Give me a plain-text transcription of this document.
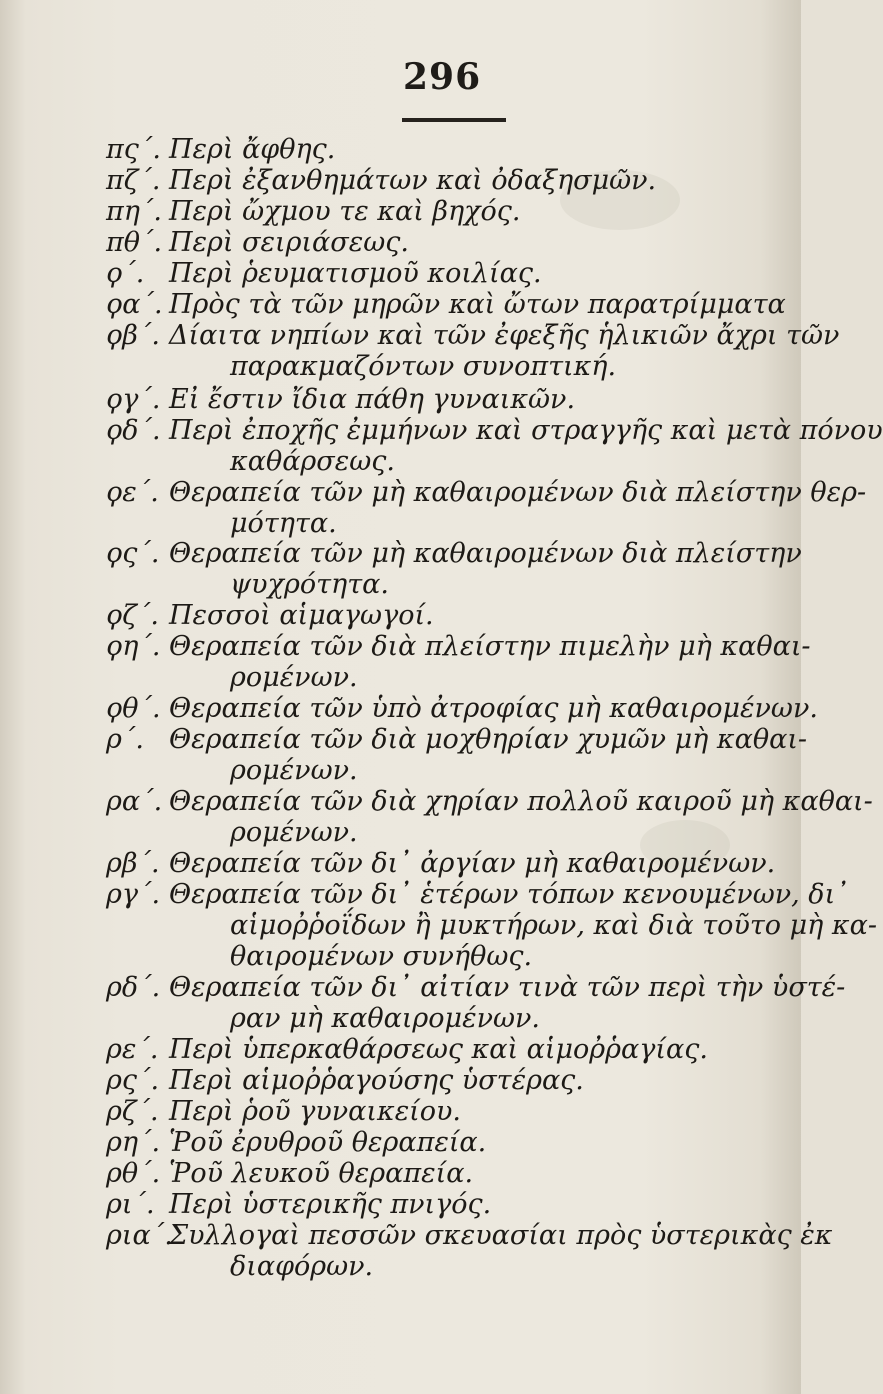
296
πς΄. Περὶ ἄφθης.
πζ΄. Περὶ ἐξανθημάτων καὶ ὀδαξησμῶν.
πη΄. Περὶ ὤχμου τε καὶ βηχός.
πθ΄. Περὶ σειριάσεως.
ϙ΄. Περὶ ῥευματισμοῦ κοιλίας.
ϙα΄. Πρὸς τὰ τῶν μηρῶν καὶ ὤτων παρατρίμματα
ϙβ΄. Δίαιτα νηπίων καὶ τῶν ἐφεξῆς ἡλικιῶν ἄχρι τῶν
παρακμαζόντων συνοπτική.
ϙγ΄. Εἰ ἔστιν ἴδια πάθη γυναικῶν.
ϙδ΄. Περὶ ἐποχῆς ἐμμήνων καὶ στραγγῆς καὶ μετὰ πόνου
καθάρσεως.
ϙε΄. Θεραπεία τῶν μὴ καθαιρομένων διὰ πλείστην θερ-
μότητα.
ϙς΄. Θεραπεία τῶν μὴ καθαιρομένων διὰ πλείστην
ψυχρότητα.
ϙζ΄. Πεσσοὶ αἱμαγωγοί.
ϙη΄. Θεραπεία τῶν διὰ πλείστην πιμελὴν μὴ καθαι-
ρομένων.
ϙθ΄. Θεραπεία τῶν ὑπὸ ἀτροφίας μὴ καθαιρομένων.
ρ΄. Θεραπεία τῶν διὰ μοχθηρίαν χυμῶν μὴ καθαι-
ρομένων.
ρα΄. Θεραπεία τῶν διὰ χηρίαν πολλοῦ καιροῦ μὴ καθαι-
ρομένων.
ρβ΄. Θεραπεία τῶν δι᾽ ἀργίαν μὴ καθαιρομένων.
ργ΄. Θεραπεία τῶν δι᾽ ἑτέρων τόπων κενουμένων, δι᾽
αἱμοῤῥοΐδων ἢ μυκτήρων, καὶ διὰ τοῦτο μὴ κα-
θαιρομένων συνήθως.
ρδ΄. Θεραπεία τῶν δι᾽ αἰτίαν τινὰ τῶν περὶ τὴν ὑστέ-
ραν μὴ καθαιρομένων.
ρε΄. Περὶ ὑπερκαθάρσεως καὶ αἱμοῤῥαγίας.
ρς΄. Περὶ αἱμοῤῥαγούσης ὑστέρας.
ρζ΄. Περὶ ῥοῦ γυναικείου.
ρη΄. Ῥοῦ ἐρυθροῦ θεραπεία.
ρθ΄. Ῥοῦ λευκοῦ θεραπεία.
ρι΄. Περὶ ὑστερικῆς πνιγός.
ρια΄.
Συλλογαὶ πεσσῶν σκευασίαι πρὸς ὑστερικὰς ἐκ
διαφόρων.
